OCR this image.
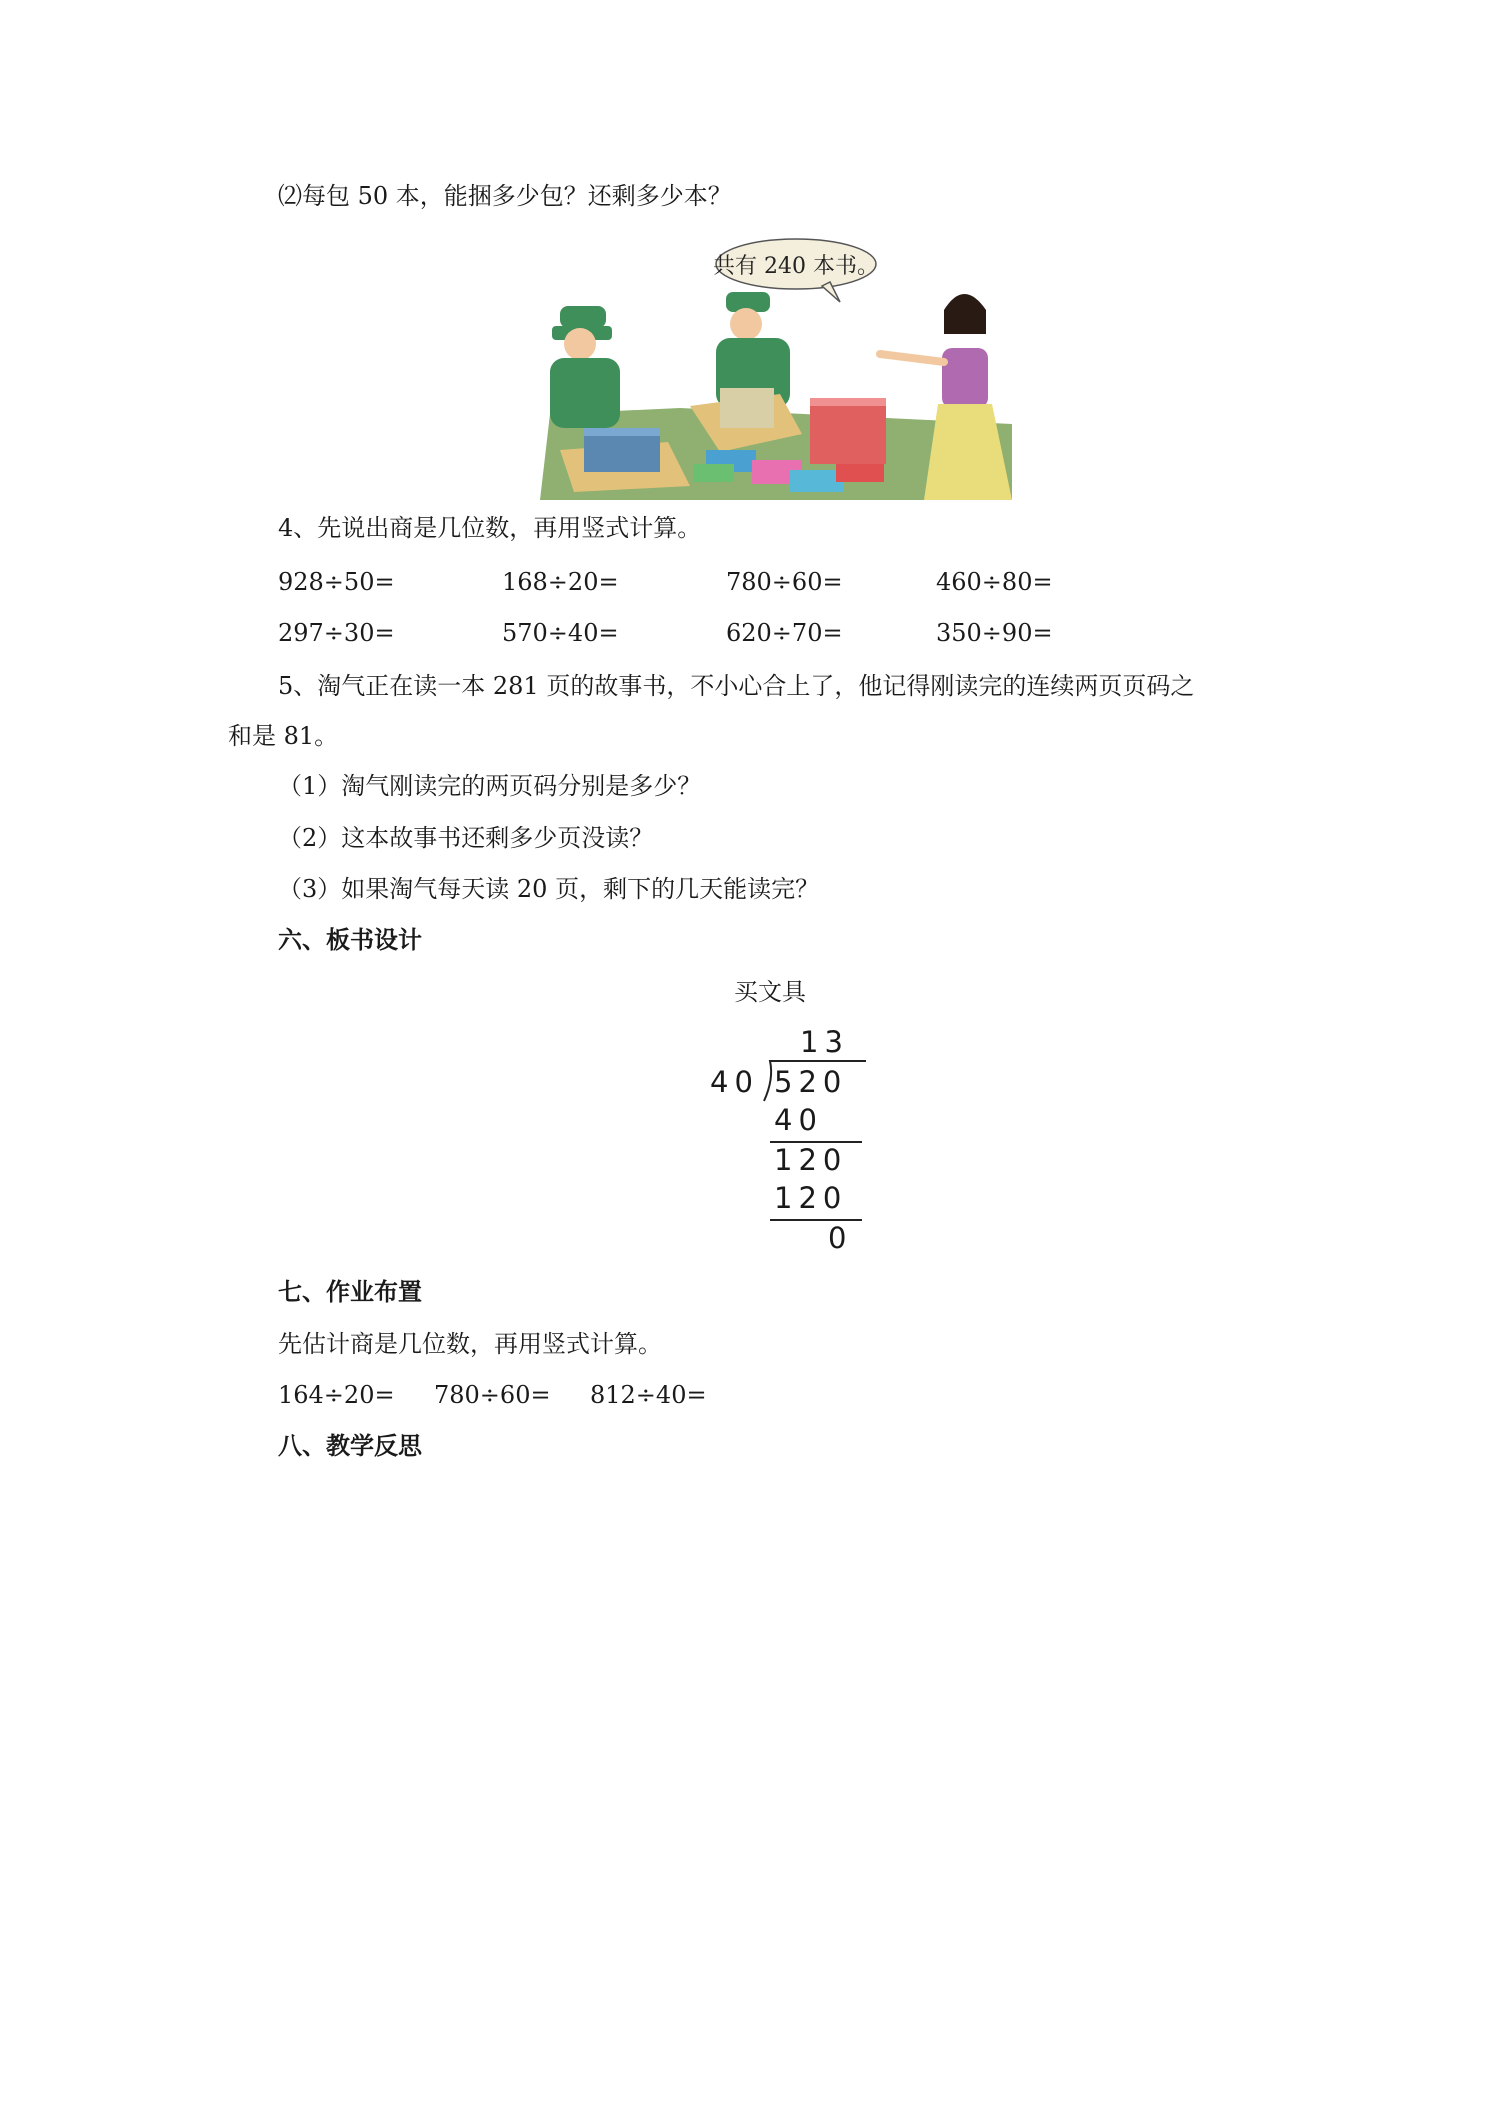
⑵每包 50 本，能捆多少包？还剩多少本？
共有 240 本书。
4、先说出商是几位数，再用竖式计算。
928÷50=	168÷20=	780÷60=	460÷80=
297÷30=	570÷40=	620÷70=	350÷90=
5、淘气正在读一本 281 页的故事书，不小心合上了，他记得刚读完的连续两页页码之
和是 81。
（1）淘气刚读完的两页码分别是多少？
（2）这本故事书还剩多少页没读？
（3）如果淘气每天读 20 页，剩下的几天能读完？
六、板书设计
买文具
13
40 520
40
120
120
0
七、作业布置
先估计商是几位数，再用竖式计算。
164÷20= 780÷60= 812÷40=
八、教学反思
